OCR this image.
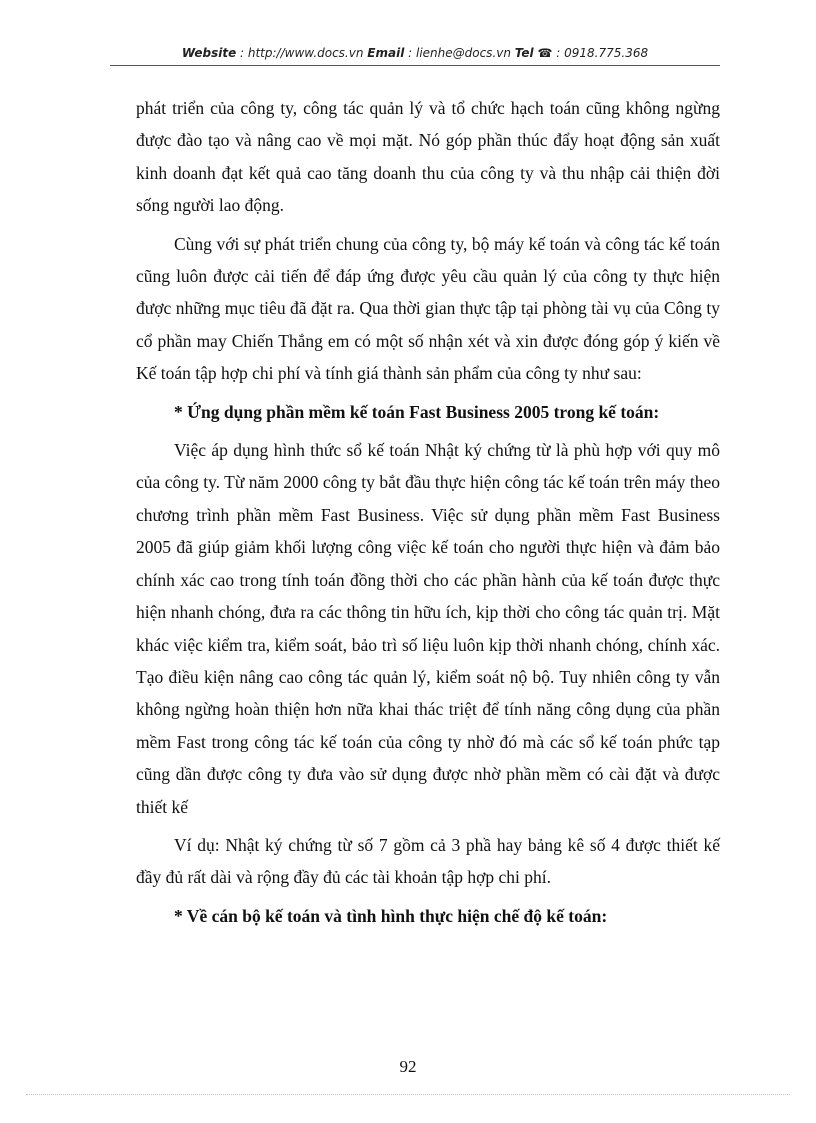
Website : http://www.docs.vn Email : lienhe@docs.vn Tel ☎ : 0918.775.368

phát triển của công ty, công tác quản lý và tổ chức hạch toán cũng không ngừng được đào tạo và nâng cao về mọi mặt. Nó góp phần thúc đẩy hoạt động sản xuất kinh doanh đạt kết quả cao tăng doanh thu của công ty và thu nhập cải thiện đời sống người lao động.

Cùng với sự phát triển chung của công ty, bộ máy kế toán và công tác kế toán cũng luôn được cải tiến để đáp ứng được yêu cầu quản lý của công ty thực hiện được những mục tiêu đã đặt ra. Qua thời gian thực tập tại phòng tài vụ của Công ty cổ phần may Chiến Thắng em có một số nhận xét và xin được đóng góp ý kiến về Kế toán tập hợp chi phí và tính giá thành sản phẩm của công ty như sau:

* Ứng dụng phần mềm kế toán Fast Business 2005 trong kế toán:

Việc áp dụng hình thức sổ kế toán Nhật ký chứng từ là phù hợp với quy mô của công ty. Từ năm 2000 công ty bắt đầu thực hiện công tác kế toán trên máy theo chương trình phần mềm Fast Business. Việc sử dụng phần mềm Fast Business 2005 đã giúp giảm khối lượng công việc kế toán cho người thực hiện và đảm bảo chính xác cao trong tính toán đồng thời cho các phần hành của kế toán được thực hiện nhanh chóng, đưa ra các thông tin hữu ích, kịp thời cho công tác quản trị. Mặt khác việc kiểm tra, kiểm soát, bảo trì số liệu luôn kịp thời nhanh chóng, chính xác. Tạo điều kiện nâng cao công tác quản lý, kiểm soát nộ bộ. Tuy nhiên công ty vẫn không ngừng hoàn thiện hơn nữa khai thác triệt để tính năng công dụng của phần mềm Fast trong công tác kế toán của công ty nhờ đó mà các sổ kế toán phức tạp cũng dần được công ty đưa vào sử dụng được nhờ phần mềm có cài đặt và được thiết kế

Ví dụ: Nhật ký chứng từ số 7 gồm cả 3 phầ hay bảng kê số 4 được thiết kế đầy đủ rất dài và rộng đầy đủ các tài khoản tập hợp chi phí.

* Về cán bộ kế toán và tình hình thực hiện chế độ kế toán:

92
